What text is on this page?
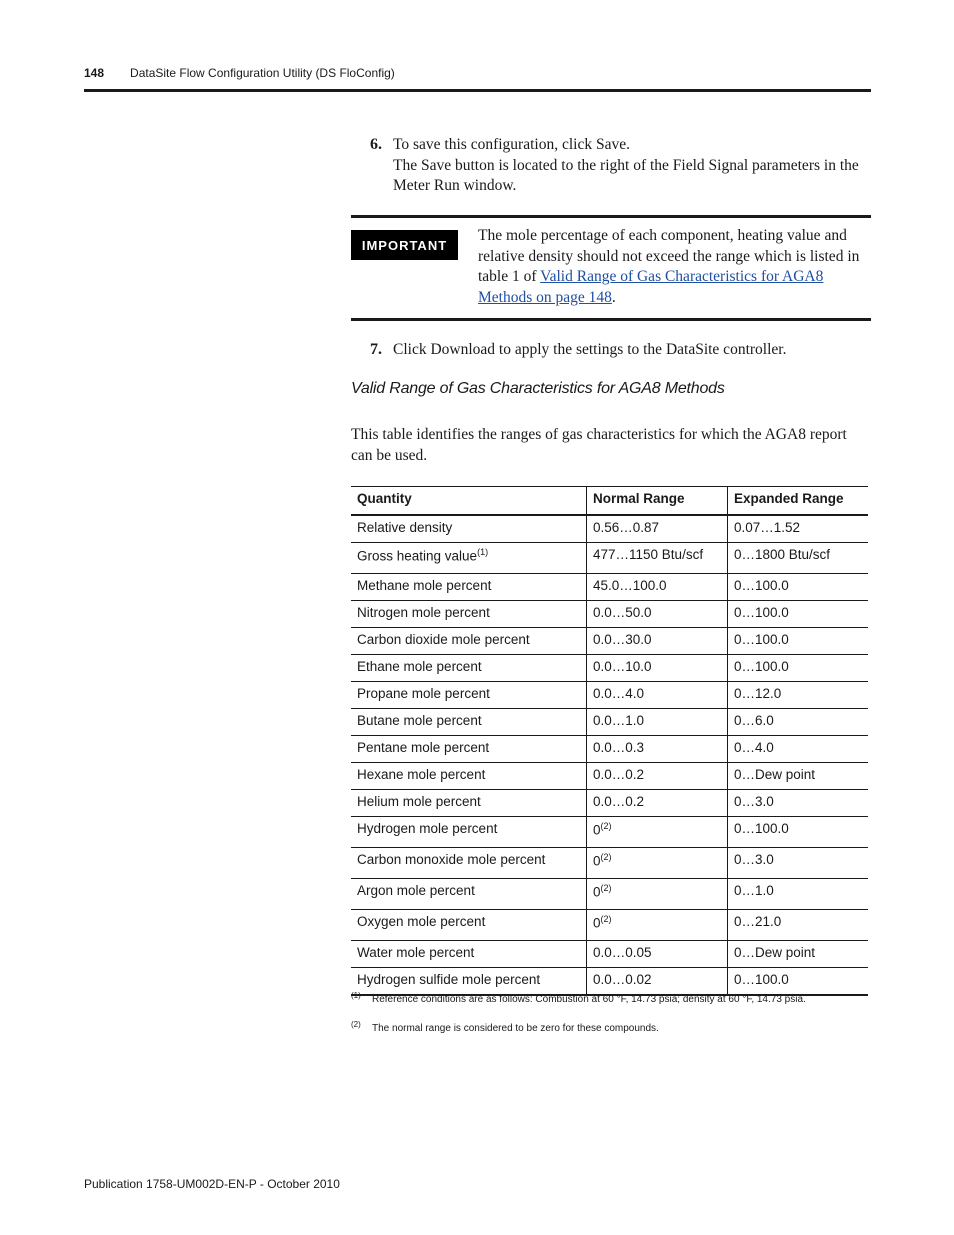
148 DataSite Flow Configuration Utility (DS FloConfig)
6. To save this configuration, click Save.
The Save button is located to the right of the Field Signal parameters in the Meter Run window.
IMPORTANT
The mole percentage of each component, heating value and relative density should not exceed the range which is listed in table 1 of Valid Range of Gas Characteristics for AGA8 Methods on page 148.
7. Click Download to apply the settings to the DataSite controller.
Valid Range of Gas Characteristics for AGA8 Methods
This table identifies the ranges of gas characteristics for which the AGA8 report can be used.
Quantity	Normal Range	Expanded Range
Relative density	0.56…0.87	0.07…1.52
Gross heating value$^{(1)}$	477…1150 Btu/scf	0…1800 Btu/scf
Methane mole percent	45.0…100.0	0…100.0
Nitrogen mole percent	0.0…50.0	0…100.0
Carbon dioxide mole percent	0.0…30.0	0…100.0
Ethane mole percent	0.0…10.0	0…100.0
Propane mole percent	0.0…4.0	0…12.0
Butane mole percent	0.0…1.0	0…6.0
Pentane mole percent	0.0…0.3	0…4.0
Hexane mole percent	0.0…0.2	0…Dew point
Helium mole percent	0.0…0.2	0…3.0
Hydrogen mole percent	0$^{(2)}$	0…100.0
Carbon monoxide mole percent	0$^{(2)}$	0…3.0
Argon mole percent	0$^{(2)}$	0…1.0
Oxygen mole percent	0$^{(2)}$	0…21.0
Water mole percent	0.0…0.05	0…Dew point
Hydrogen sulfide mole percent	0.0…0.02	0…100.0
(1) Reference conditions are as follows: Combustion at 60 °F, 14.73 psia; density at 60 °F, 14.73 psia.
(2) The normal range is considered to be zero for these compounds.
Publication 1758-UM002D-EN-P - October 2010
